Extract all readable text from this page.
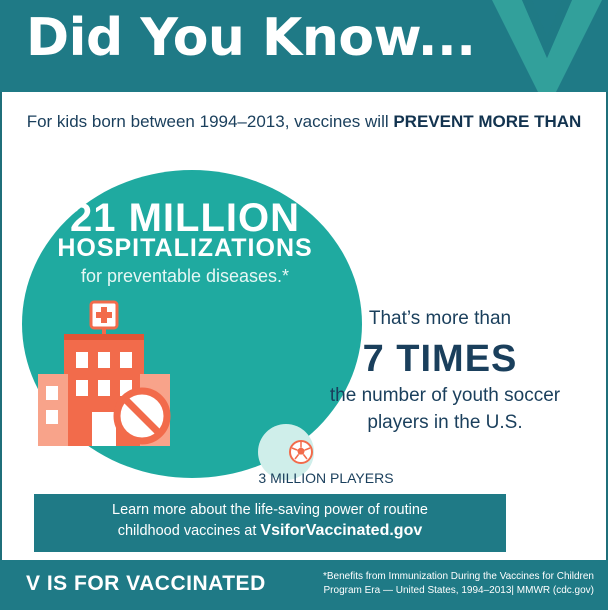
Did You Know...
For kids born between 1994–2013, vaccines will PREVENT MORE THAN
21 MILLION
HOSPITALIZATIONS
for preventable diseases.*
That’s more than
7 TIMES
the number of youth soccer players in the U.S.
3 MILLION PLAYERS
Learn more about the life-saving power of routine
childhood vaccines at VsiforVaccinated.gov
V IS FOR VACCINATED	*Benefits from Immunization During the Vaccines for Children Program Era — United States, 1994–2013| MMWR (cdc.gov)
